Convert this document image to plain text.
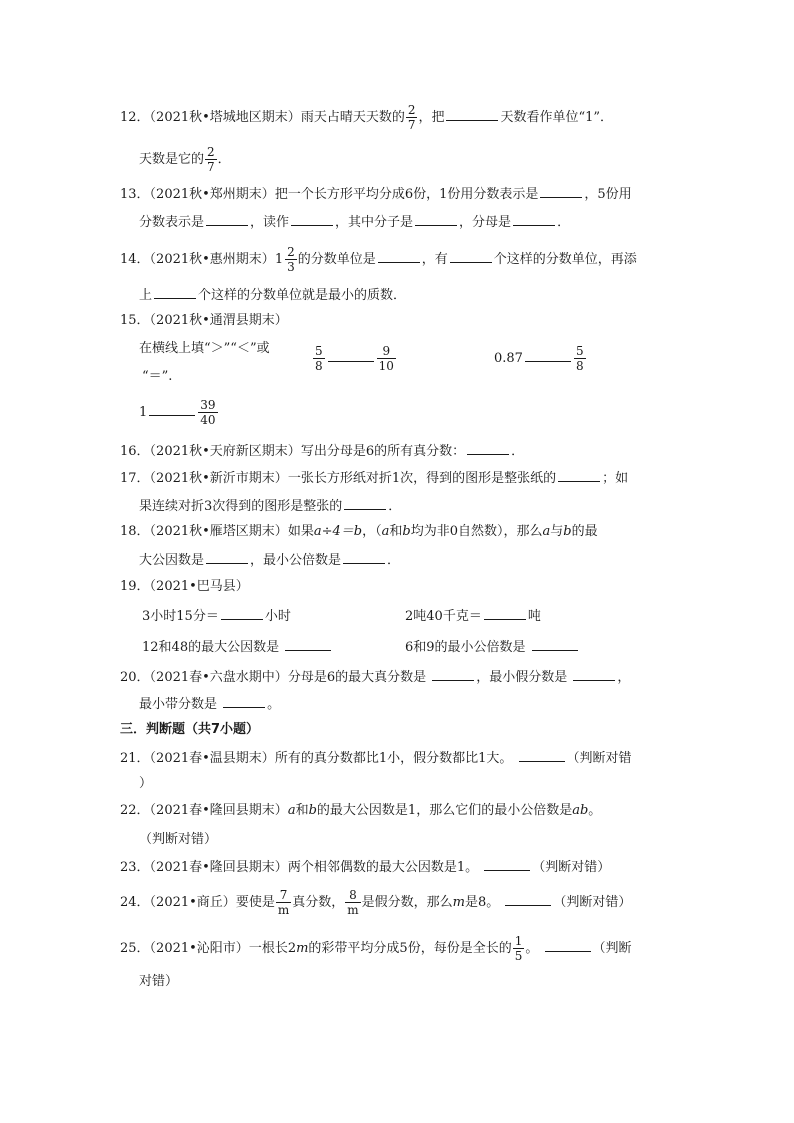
12．（2021秋•塔城地区期末）雨天占晴天天数的 $\frac{2}{7}$ ，把	天数看作单位“1”．
天数是它的 $\frac{2}{7}$ ．
13．（2021秋•郑州期末）把一个长方形平均分成6份，1份用分数表示是	，5份用
分数表示是	，读作	，其中分子是	，分母是	．
14．（2021秋•惠州期末） $1 \frac{2}{3}$ 的分数单位是	，有	个这样的分数单位，再添
上	个这样的分数单位就是最小的质数．
15．（2021秋•通渭县期末）
在横线上填“＞”“＜”或	$\frac{5}{8}$	$\frac{9}{10}$	0.87	$\frac{5}{8}$
“＝”.
1	$\frac{39}{40}$
16．（2021秋•天府新区期末）写出分母是6的所有真分数：	．
17．（2021秋•新沂市期末）一张长方形纸对折1次，得到的图形是整张纸的	；如
果连续对折3次得到的图形是整张的	．
18．（2021秋•雁塔区期末）如果a÷4＝b，（a和b均为非0自然数），那么a与b的最
大公因数是	，最小公倍数是	．
19．（2021•巴马县）
3小时15分＝	小时	2吨40千克＝	吨
12和48的最大公因数是	6和9的最小公倍数是
20．（2021春•六盘水期中）分母是6的最大真分数是	，最小假分数是	，
最小带分数是	。
三．判断题（共7小题）
21．（2021春•温县期末）所有的真分数都比1小，假分数都比1大。	（判断对错
）
22．（2021春•隆回县期末）a和b的最大公因数是1，那么它们的最小公倍数是ab。
（判断对错）
23．（2021春•隆回县期末）两个相邻偶数的最大公因数是1。	（判断对错）
24．（2021•商丘）要使是 $\frac{7}{m}$ 真分数， $\frac{8}{m}$ 是假分数，那么m是8。	（判断对错）
25．（2021•沁阳市）一根长2m的彩带平均分成5份，每份是全长的 $\frac{1}{5}$ 。	（判断
对错）
